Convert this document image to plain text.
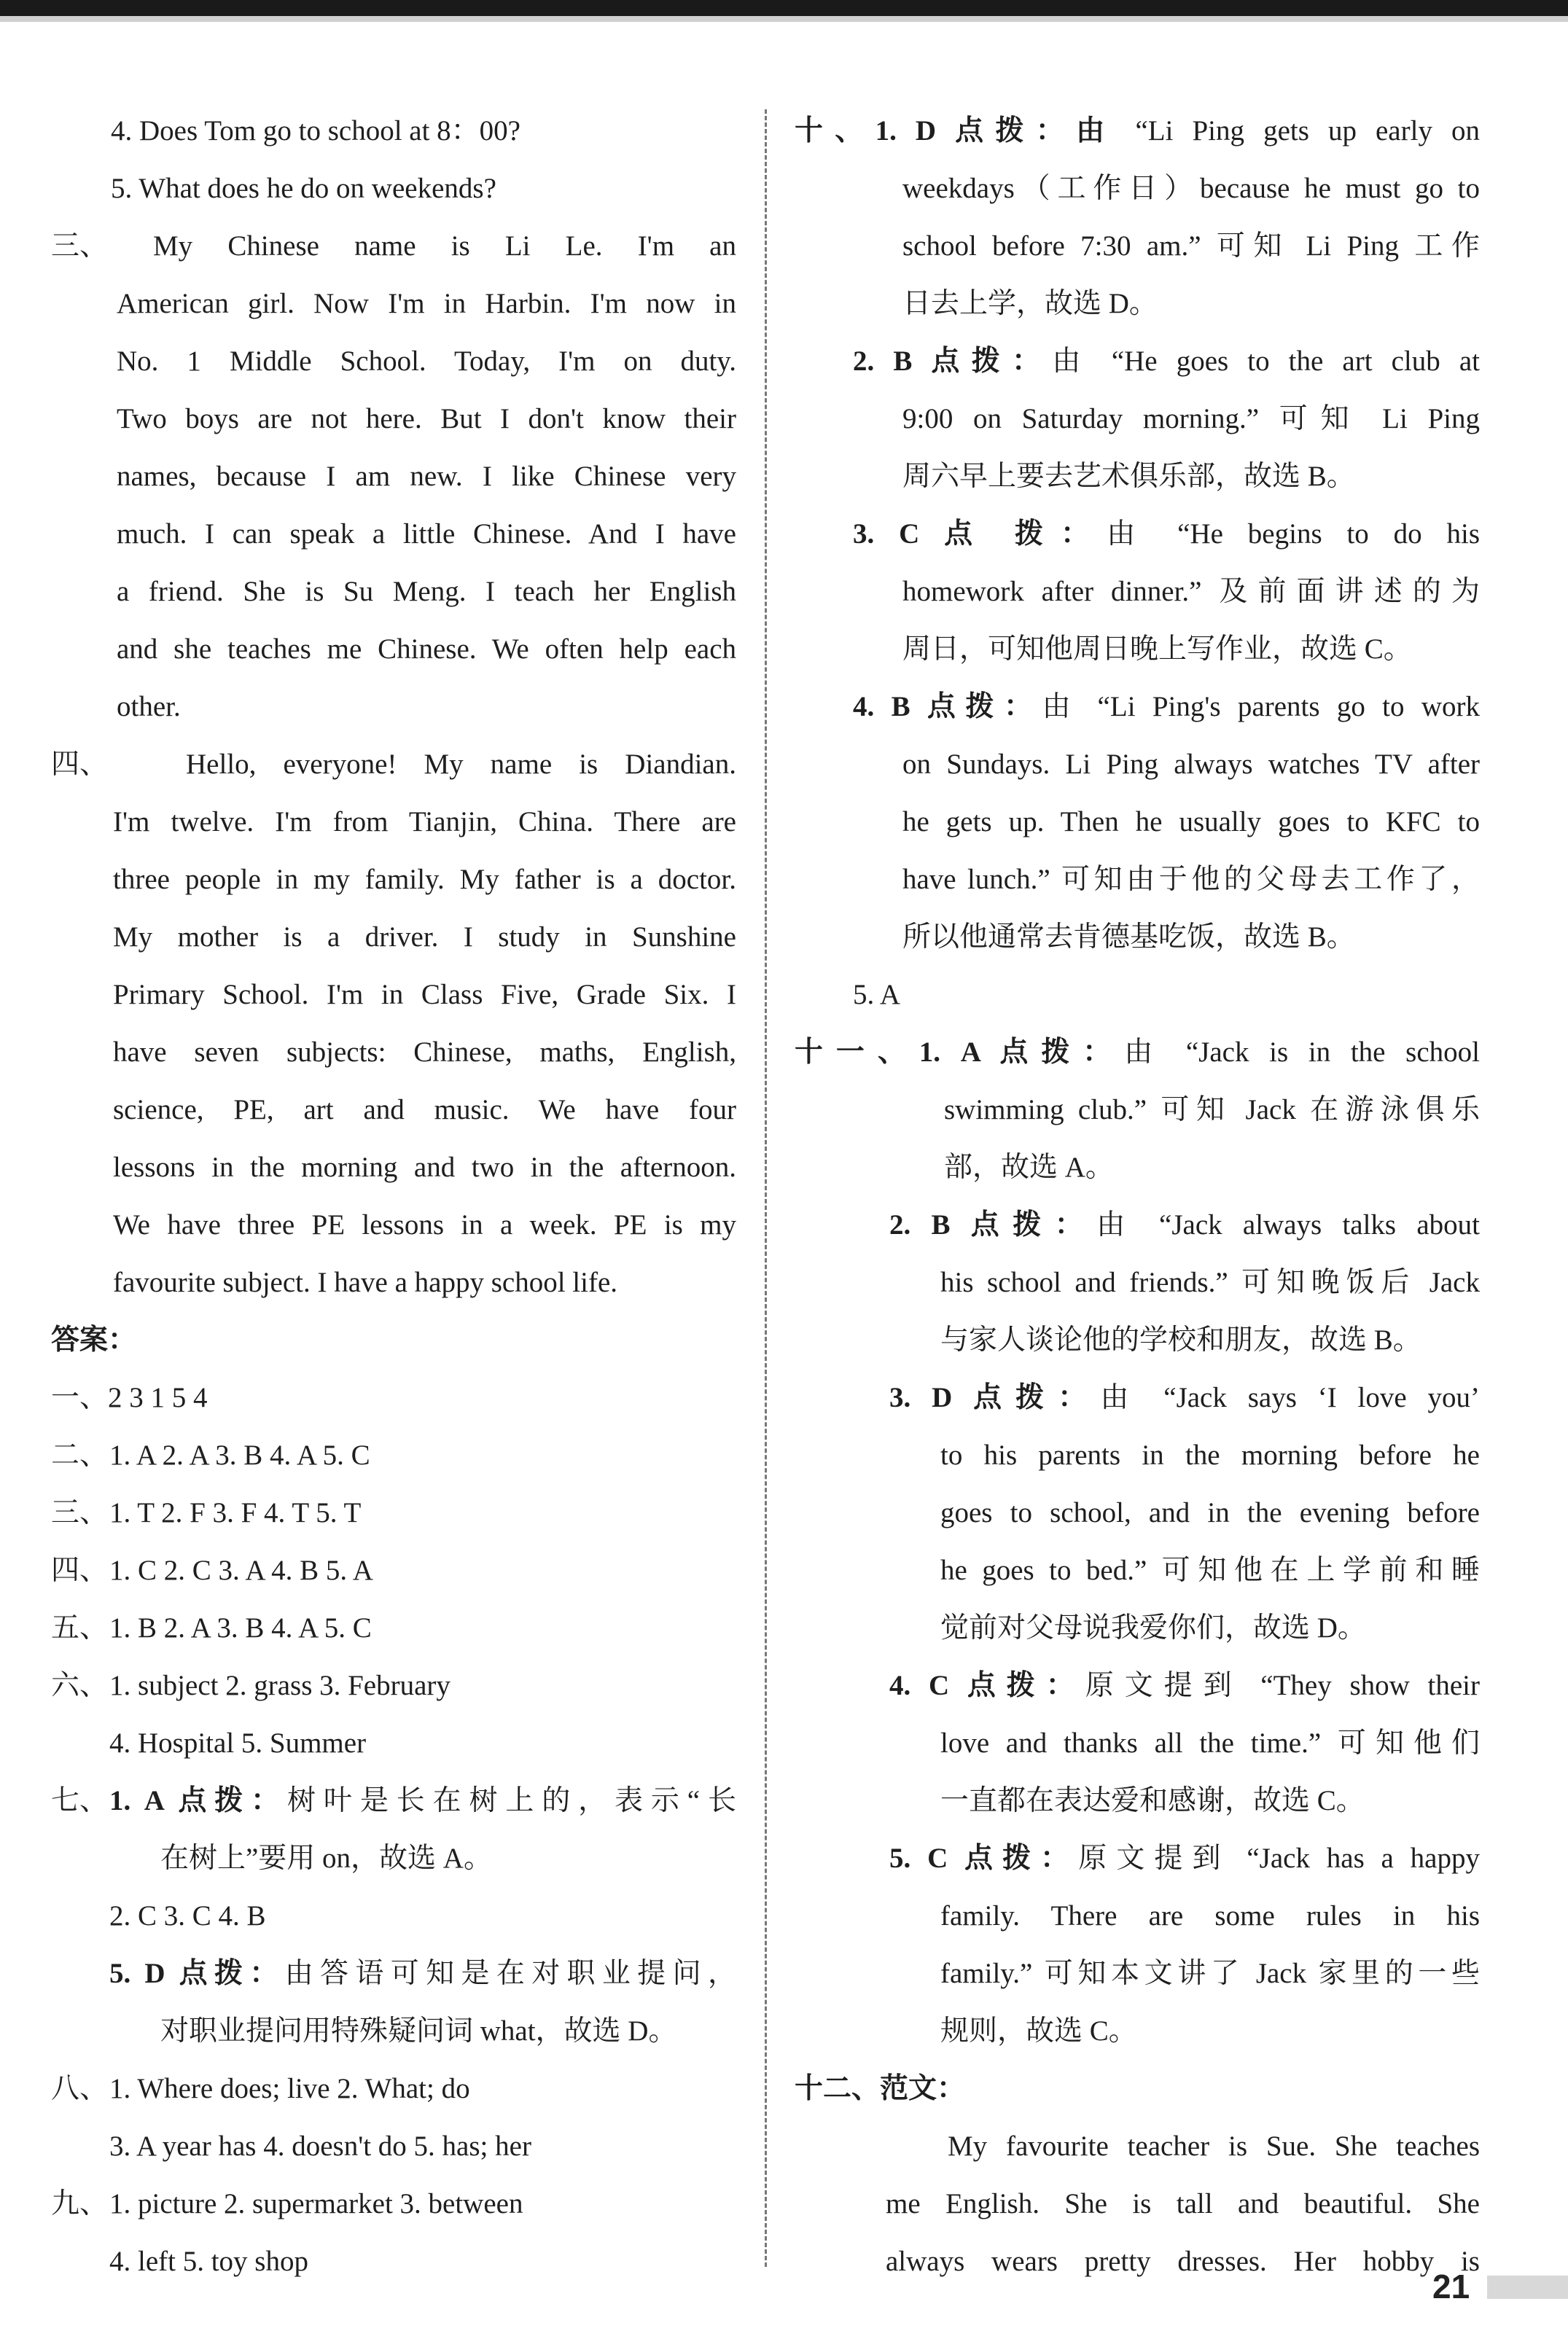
4. Does Tom go to school at 8：00?
5. What does he do on weekends?
三、 My Chinese name is Li Le. I'm an
American girl. Now I'm in Harbin. I'm now in
No. 1 Middle School. Today, I'm on duty.
Two boys are not here. But I don't know their
names, because I am new. I like Chinese very
much. I can speak a little Chinese. And I have
a friend. She is Su Meng. I teach her English
and she teaches me Chinese. We often help each
other.
四、	Hello, everyone! My name is Diandian.
I'm twelve. I'm from Tianjin, China. There are
three people in my family. My father is a doctor.
My mother is a driver. I study in Sunshine
Primary School. I'm in Class Five, Grade Six. I
have seven subjects: Chinese, maths, English,
science, PE, art and music. We have four
lessons in the morning and two in the afternoon.
We have three PE lessons in a week. PE is my
favourite subject. I have a happy school life.
答案：
一、2 3 1 5 4
二、 1. A 2. A 3. B 4. A 5. C
三、 1. T 2. F 3. F 4. T 5. T
四、 1. C 2. C 3. A 4. B 5. A
五、 1. B 2. A 3. B 4. A 5. C
六、 1. subject 2. grass 3. February
4. Hospital 5. Summer
七、 1. A 点拨：树叶是长在树上的，表示“长
在树上”要用 on，故选 A。
2. C 3. C 4. B
5. D 点拨：由答语可知是在对职业提问，
对职业提问用特殊疑问词 what，故选 D。
八、 1. Where does; live 2. What; do
3. A year has 4. doesn't do 5. has; her
九、 1. picture 2. supermarket 3. between
4. left 5. toy shop
十、1. D 点拨：由 “Li Ping gets up early on
weekdays（工作日）because he must go to
school before 7:30 am.” 可知 Li Ping 工作
日去上学，故选 D。
2. B 点拨：由 “He goes to the art club at
9:00 on Saturday morning.” 可知 Li Ping
周六早上要去艺术俱乐部，故选 B。
3. C 点 拨：由 “He begins to do his
homework after dinner.” 及前面讲述的为
周日，可知他周日晚上写作业，故选 C。
4. B 点拨：由 “Li Ping's parents go to work
on Sundays. Li Ping always watches TV after
he gets up. Then he usually goes to KFC to
have lunch.” 可知由于他的父母去工作了，
所以他通常去肯德基吃饭，故选 B。
5. A
十一、1. A 点拨：由 “Jack is in the school
swimming club.” 可知 Jack 在游泳俱乐
部，故选 A。
2. B 点拨：由 “Jack always talks about
his school and friends.” 可知晚饭后 Jack
与家人谈论他的学校和朋友，故选 B。
3. D 点拨：由 “Jack says ‘I love you’
to his parents in the morning before he
goes to school, and in the evening before
he goes to bed.” 可知他在上学前和睡
觉前对父母说我爱你们，故选 D。
4. C 点拨：原文提到 “They show their
love and thanks all the time.” 可知他们
一直都在表达爱和感谢，故选 C。
5. C 点拨：原文提到 “Jack has a happy
family. There are some rules in his
family.” 可知本文讲了 Jack 家里的一些
规则，故选 C。
十二、范文：
My favourite teacher is Sue. She teaches
me English. She is tall and beautiful. She
always wears pretty dresses. Her hobby is
21
